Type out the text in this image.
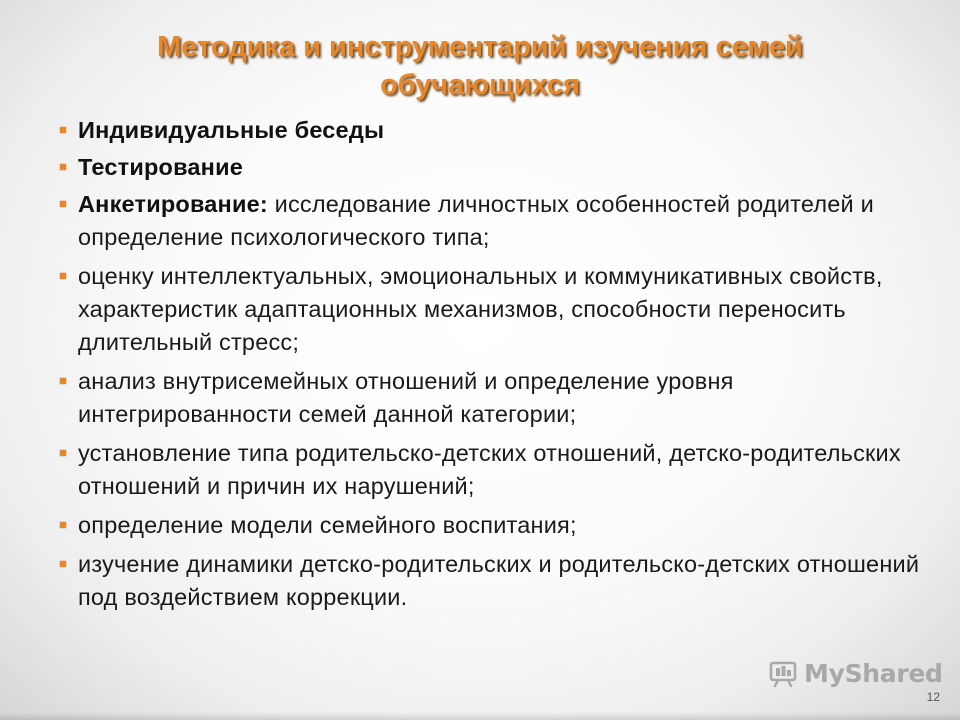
Методика и инструментарий изучения семей
обучающихся
Индивидуальные беседы
Тестирование
Анкетирование: исследование личностных особенностей родителей и определение психологического типа;
оценку интеллектуальных, эмоциональных и коммуникативных свойств, характеристик адаптационных механизмов, способности переносить длительный стресс;
анализ внутрисемейных отношений и определение уровня интегрированности семей данной категории;
установление типа родительско-детских отношений, детско-родительских отношений и причин их нарушений;
определение модели семейного воспитания;
изучение динамики детско-родительских и родительско-детских отношений под воздействием коррекции.
MyShared
12
